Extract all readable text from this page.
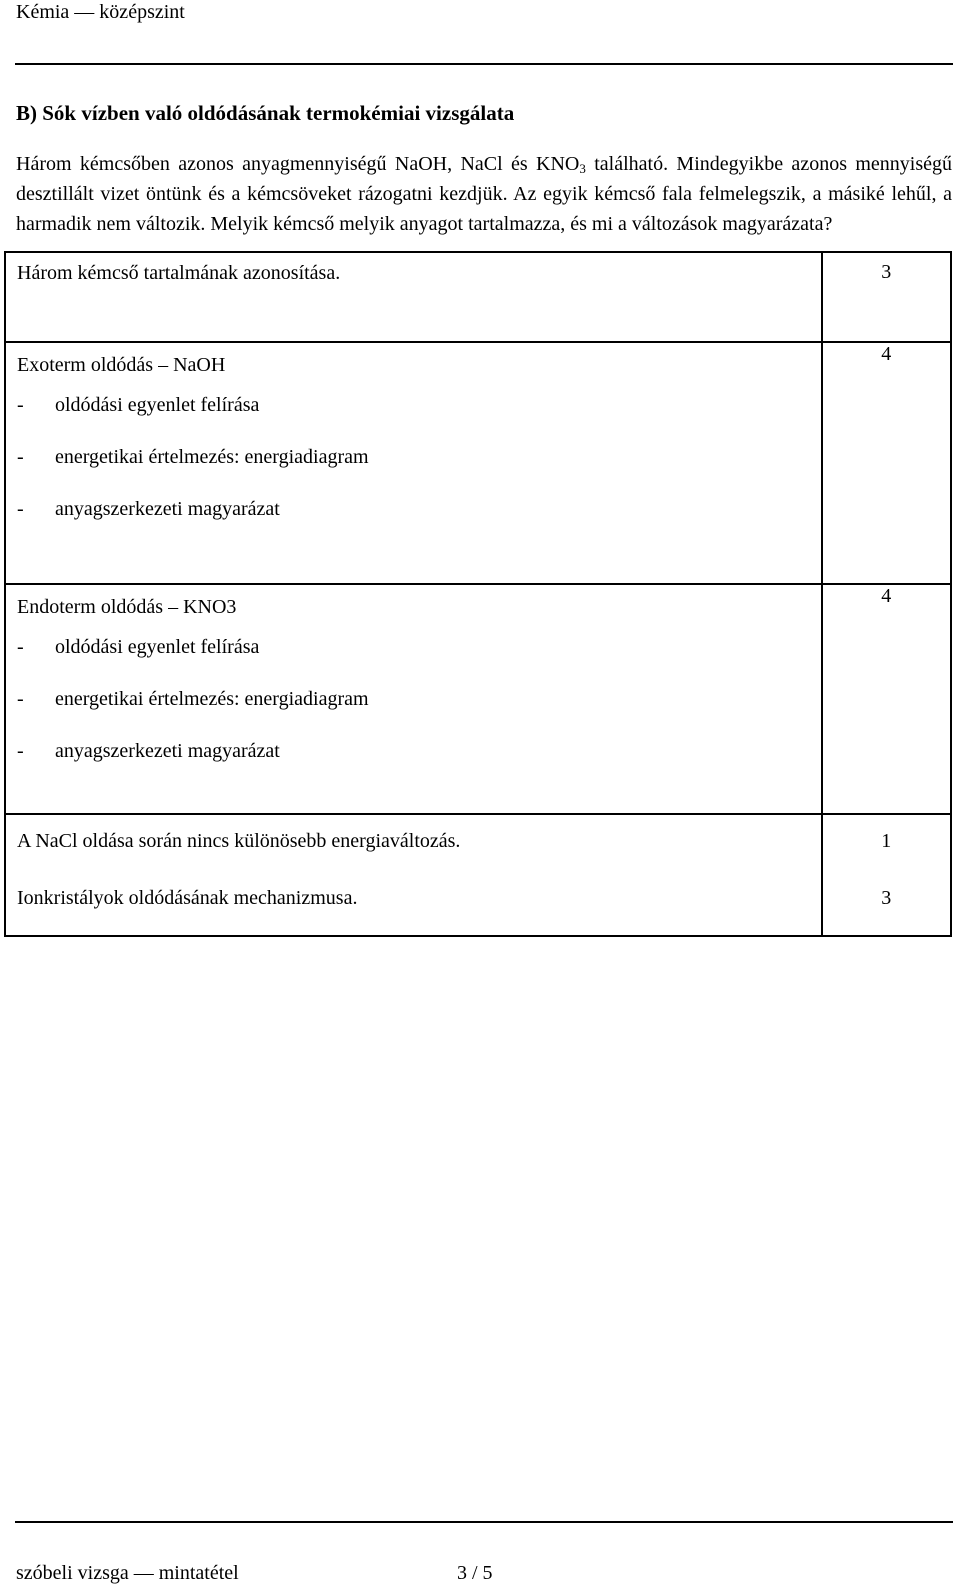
Kémia — középszint
B) Sók vízben való oldódásának termokémiai vizsgálata
Három kémcsőben azonos anyagmennyiségű NaOH, NaCl és $KNO_3$ található. Mindegyikbe azonos mennyiségű desztillált vizet öntünk és a kémcsöveket rázogatni kezdjük. Az egyik kémcső fala felmelegszik, a másiké lehűl, a harmadik nem változik. Melyik kémcső melyik anyagot tartalmazza, és mi a változások magyarázata?
Három kémcső tartalmának azonosítása.	3

Exoterm oldódás – NaOH
- oldódási egyenlet felírása
- energetikai értelmezés: energiadiagram
- anyagszerkezeti magyarázat	4

Endoterm oldódás – KNO3
- oldódási egyenlet felírása
- energetikai értelmezés: energiadiagram
- anyagszerkezeti magyarázat	4

A NaCl oldása során nincs különösebb energiaváltozás.	1

Ionkristályok oldódásának mechanizmusa.	3
szóbeli vizsga — mintatétel	3 / 5
